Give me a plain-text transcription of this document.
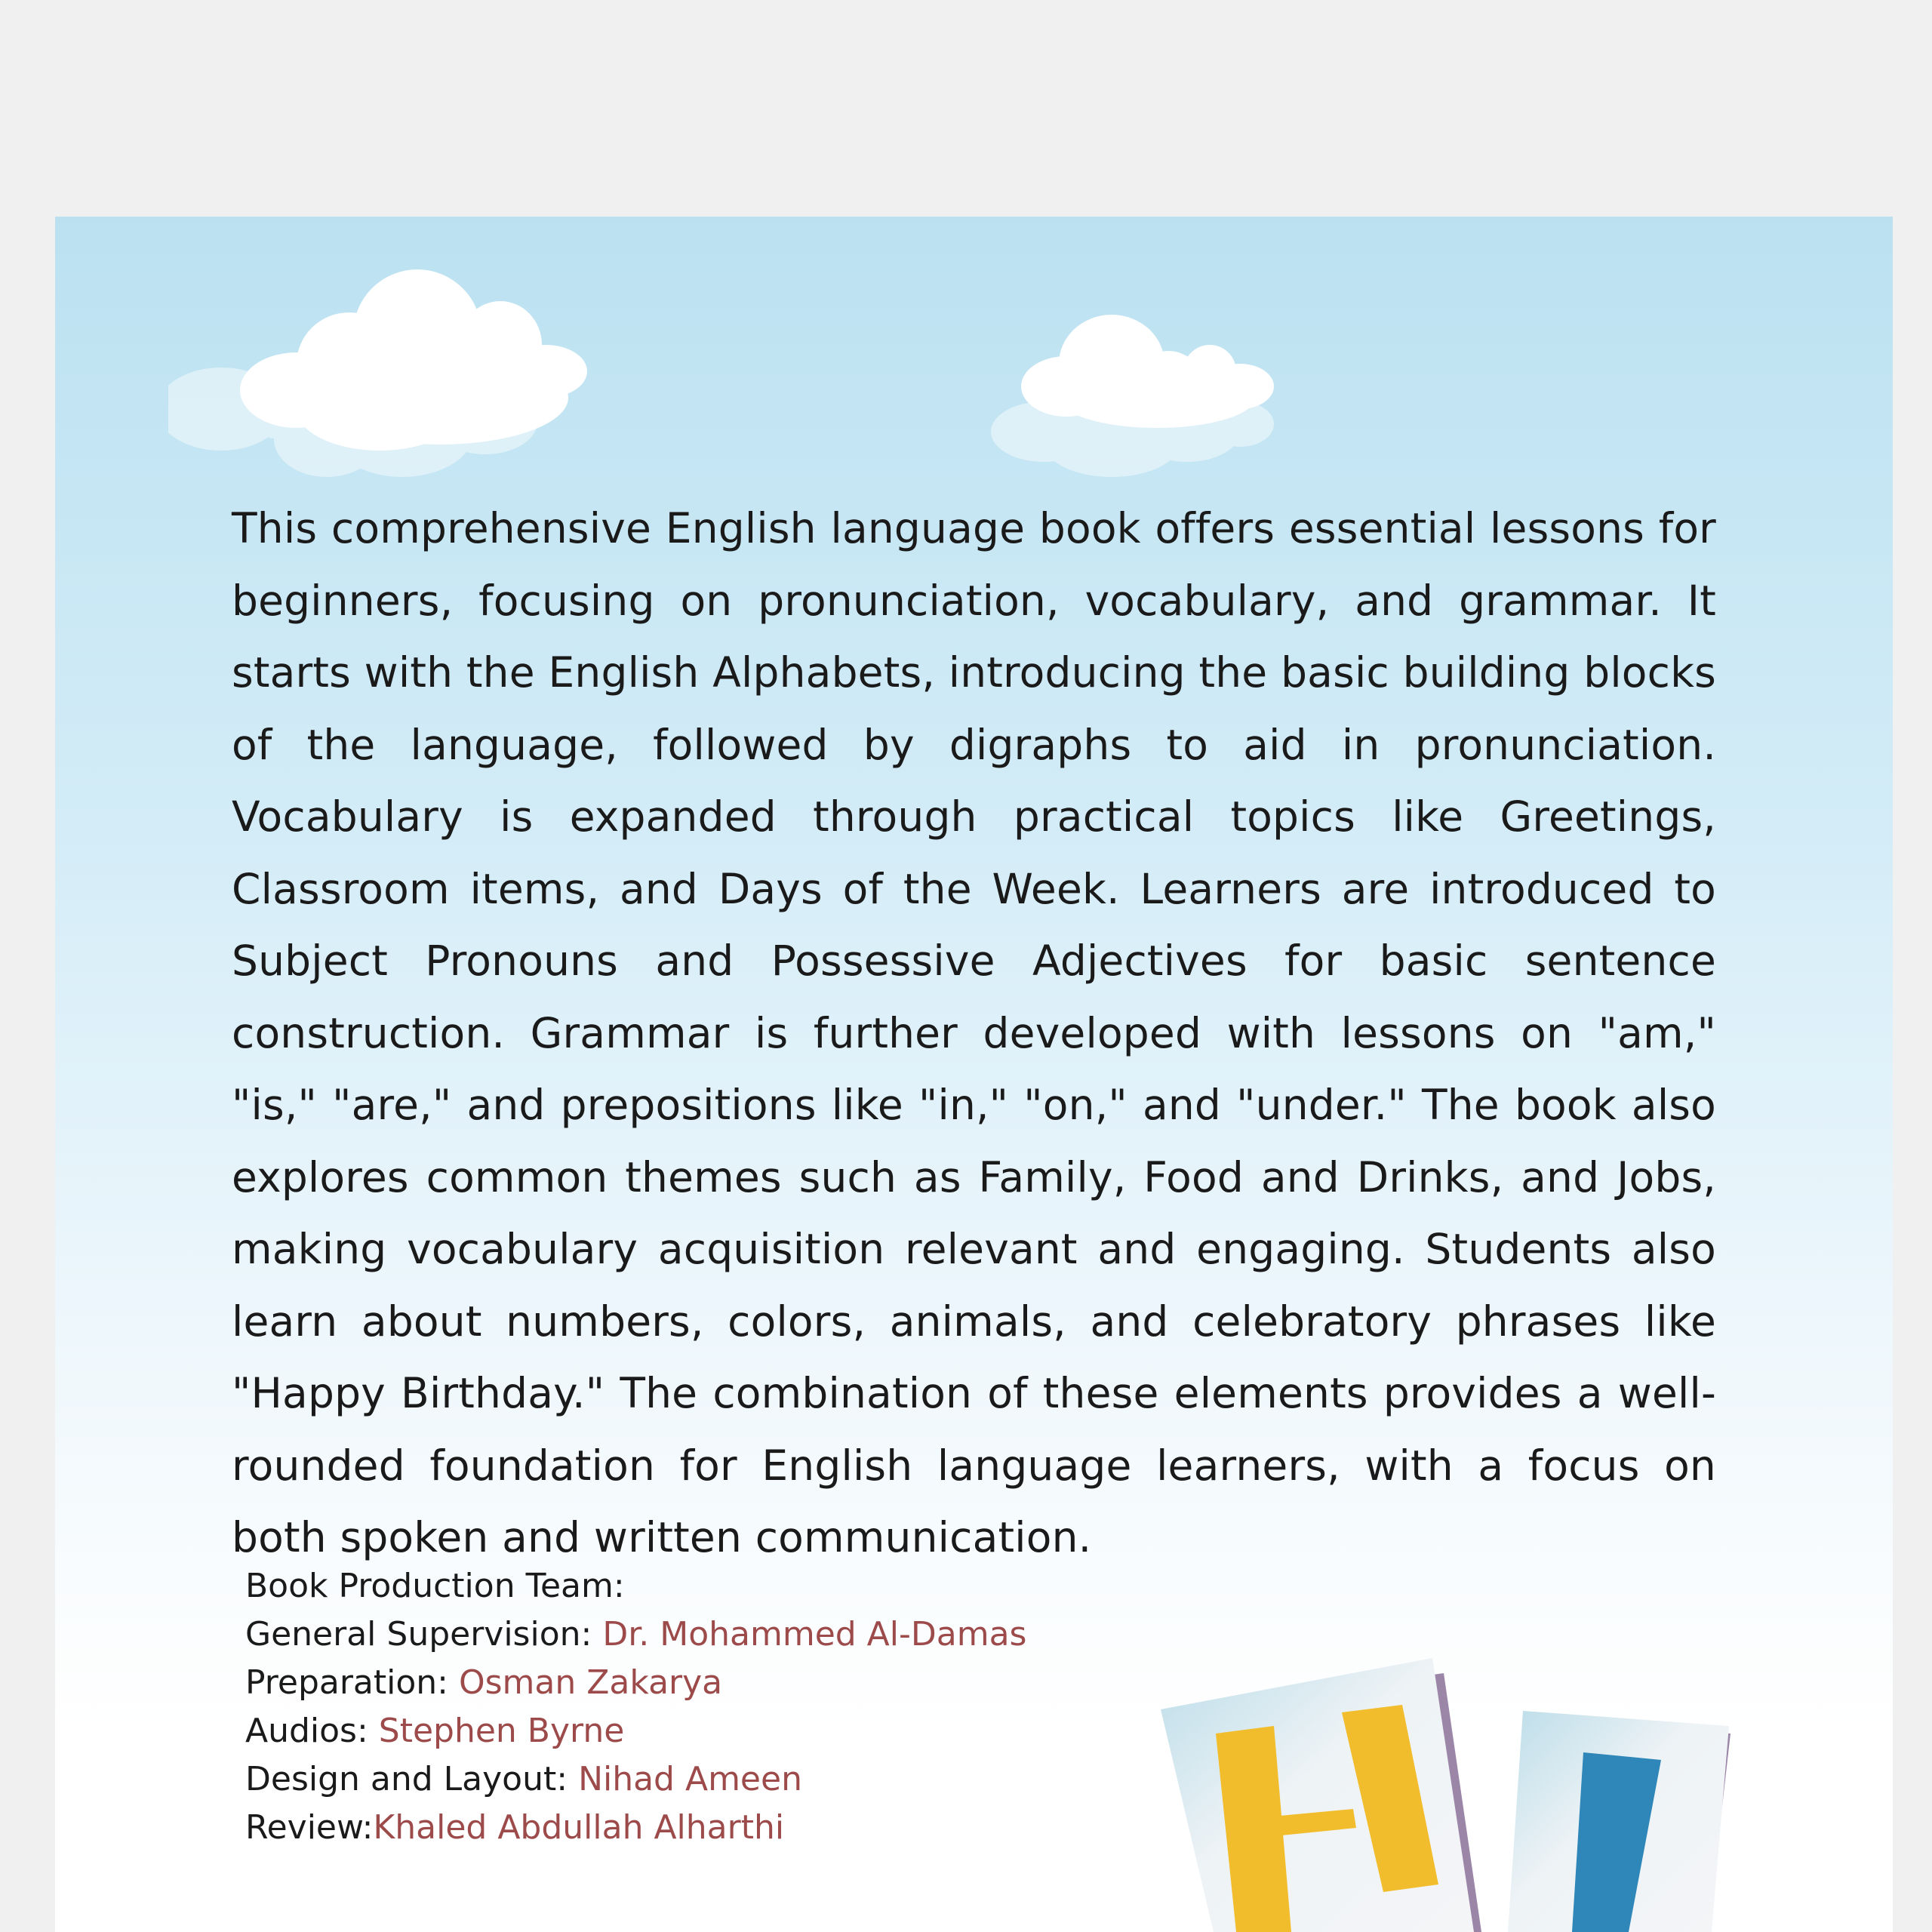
This comprehensive English language book offers essential lessons for beginners, focusing on pronunciation, vocabulary, and grammar. It starts with the English Alphabets, introducing the basic building blocks of the language, followed by digraphs to aid in pronunciation. Vocabulary is expanded through practical topics like Greetings, Classroom items, and Days of the Week. Learners are introduced to Subject Pronouns and Possessive Adjectives for basic sentence construction. Grammar is further developed with lessons on "am," "is," "are," and prepositions like "in," "on," and "under." The book also explores common themes such as Family, Food and Drinks, and Jobs, making vocabulary acquisition relevant and engaging. Students also learn about numbers, colors, animals, and celebratory phrases like "Happy Birthday." The combination of these elements provides a well-rounded foundation for English language learners, with a focus on both spoken and written communication.

Book Production Team:
General Supervision: Dr. Mohammed Al-Damas
Preparation: Osman Zakarya
Audios: Stephen Byrne
Design and Layout: Nihad Ameen
Review:Khaled Abdullah Alharthi
